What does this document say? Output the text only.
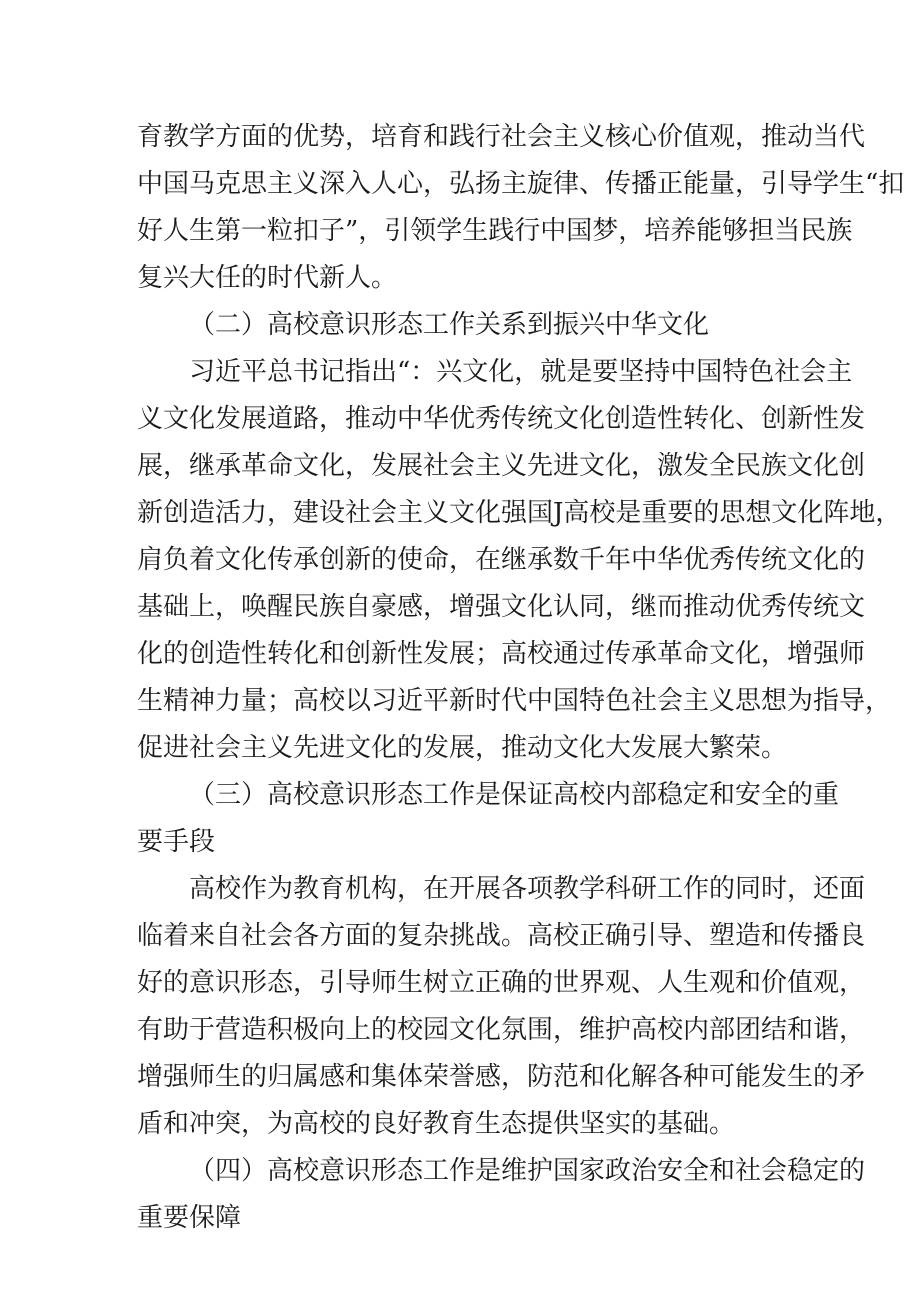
育教学方面的优势，培育和践行社会主义核心价值观，推动当代
中国马克思主义深入人心，弘扬主旋律、传播正能量，引导学生“扣
好人生第一粒扣子”，引领学生践行中国梦，培养能够担当民族
复兴大任的时代新人。
（二）高校意识形态工作关系到振兴中华文化
习近平总书记指出“：兴文化，就是要坚持中国特色社会主
义文化发展道路，推动中华优秀传统文化创造性转化、创新性发
展，继承革命文化，发展社会主义先进文化，激发全民族文化创
新创造活力，建设社会主义文化强国J高校是重要的思想文化阵地，
肩负着文化传承创新的使命，在继承数千年中华优秀传统文化的
基础上，唤醒民族自豪感，增强文化认同，继而推动优秀传统文
化的创造性转化和创新性发展；高校通过传承革命文化，增强师
生精神力量；高校以习近平新时代中国特色社会主义思想为指导，
促进社会主义先进文化的发展，推动文化大发展大繁荣。
（三）高校意识形态工作是保证高校内部稳定和安全的重
要手段
高校作为教育机构，在开展各项教学科研工作的同时，还面
临着来自社会各方面的复杂挑战。高校正确引导、塑造和传播良
好的意识形态，引导师生树立正确的世界观、人生观和价值观，
有助于营造积极向上的校园文化氛围，维护高校内部团结和谐，
增强师生的归属感和集体荣誉感，防范和化解各种可能发生的矛
盾和冲突，为高校的良好教育生态提供坚实的基础。
（四）高校意识形态工作是维护国家政治安全和社会稳定的
重要保障
